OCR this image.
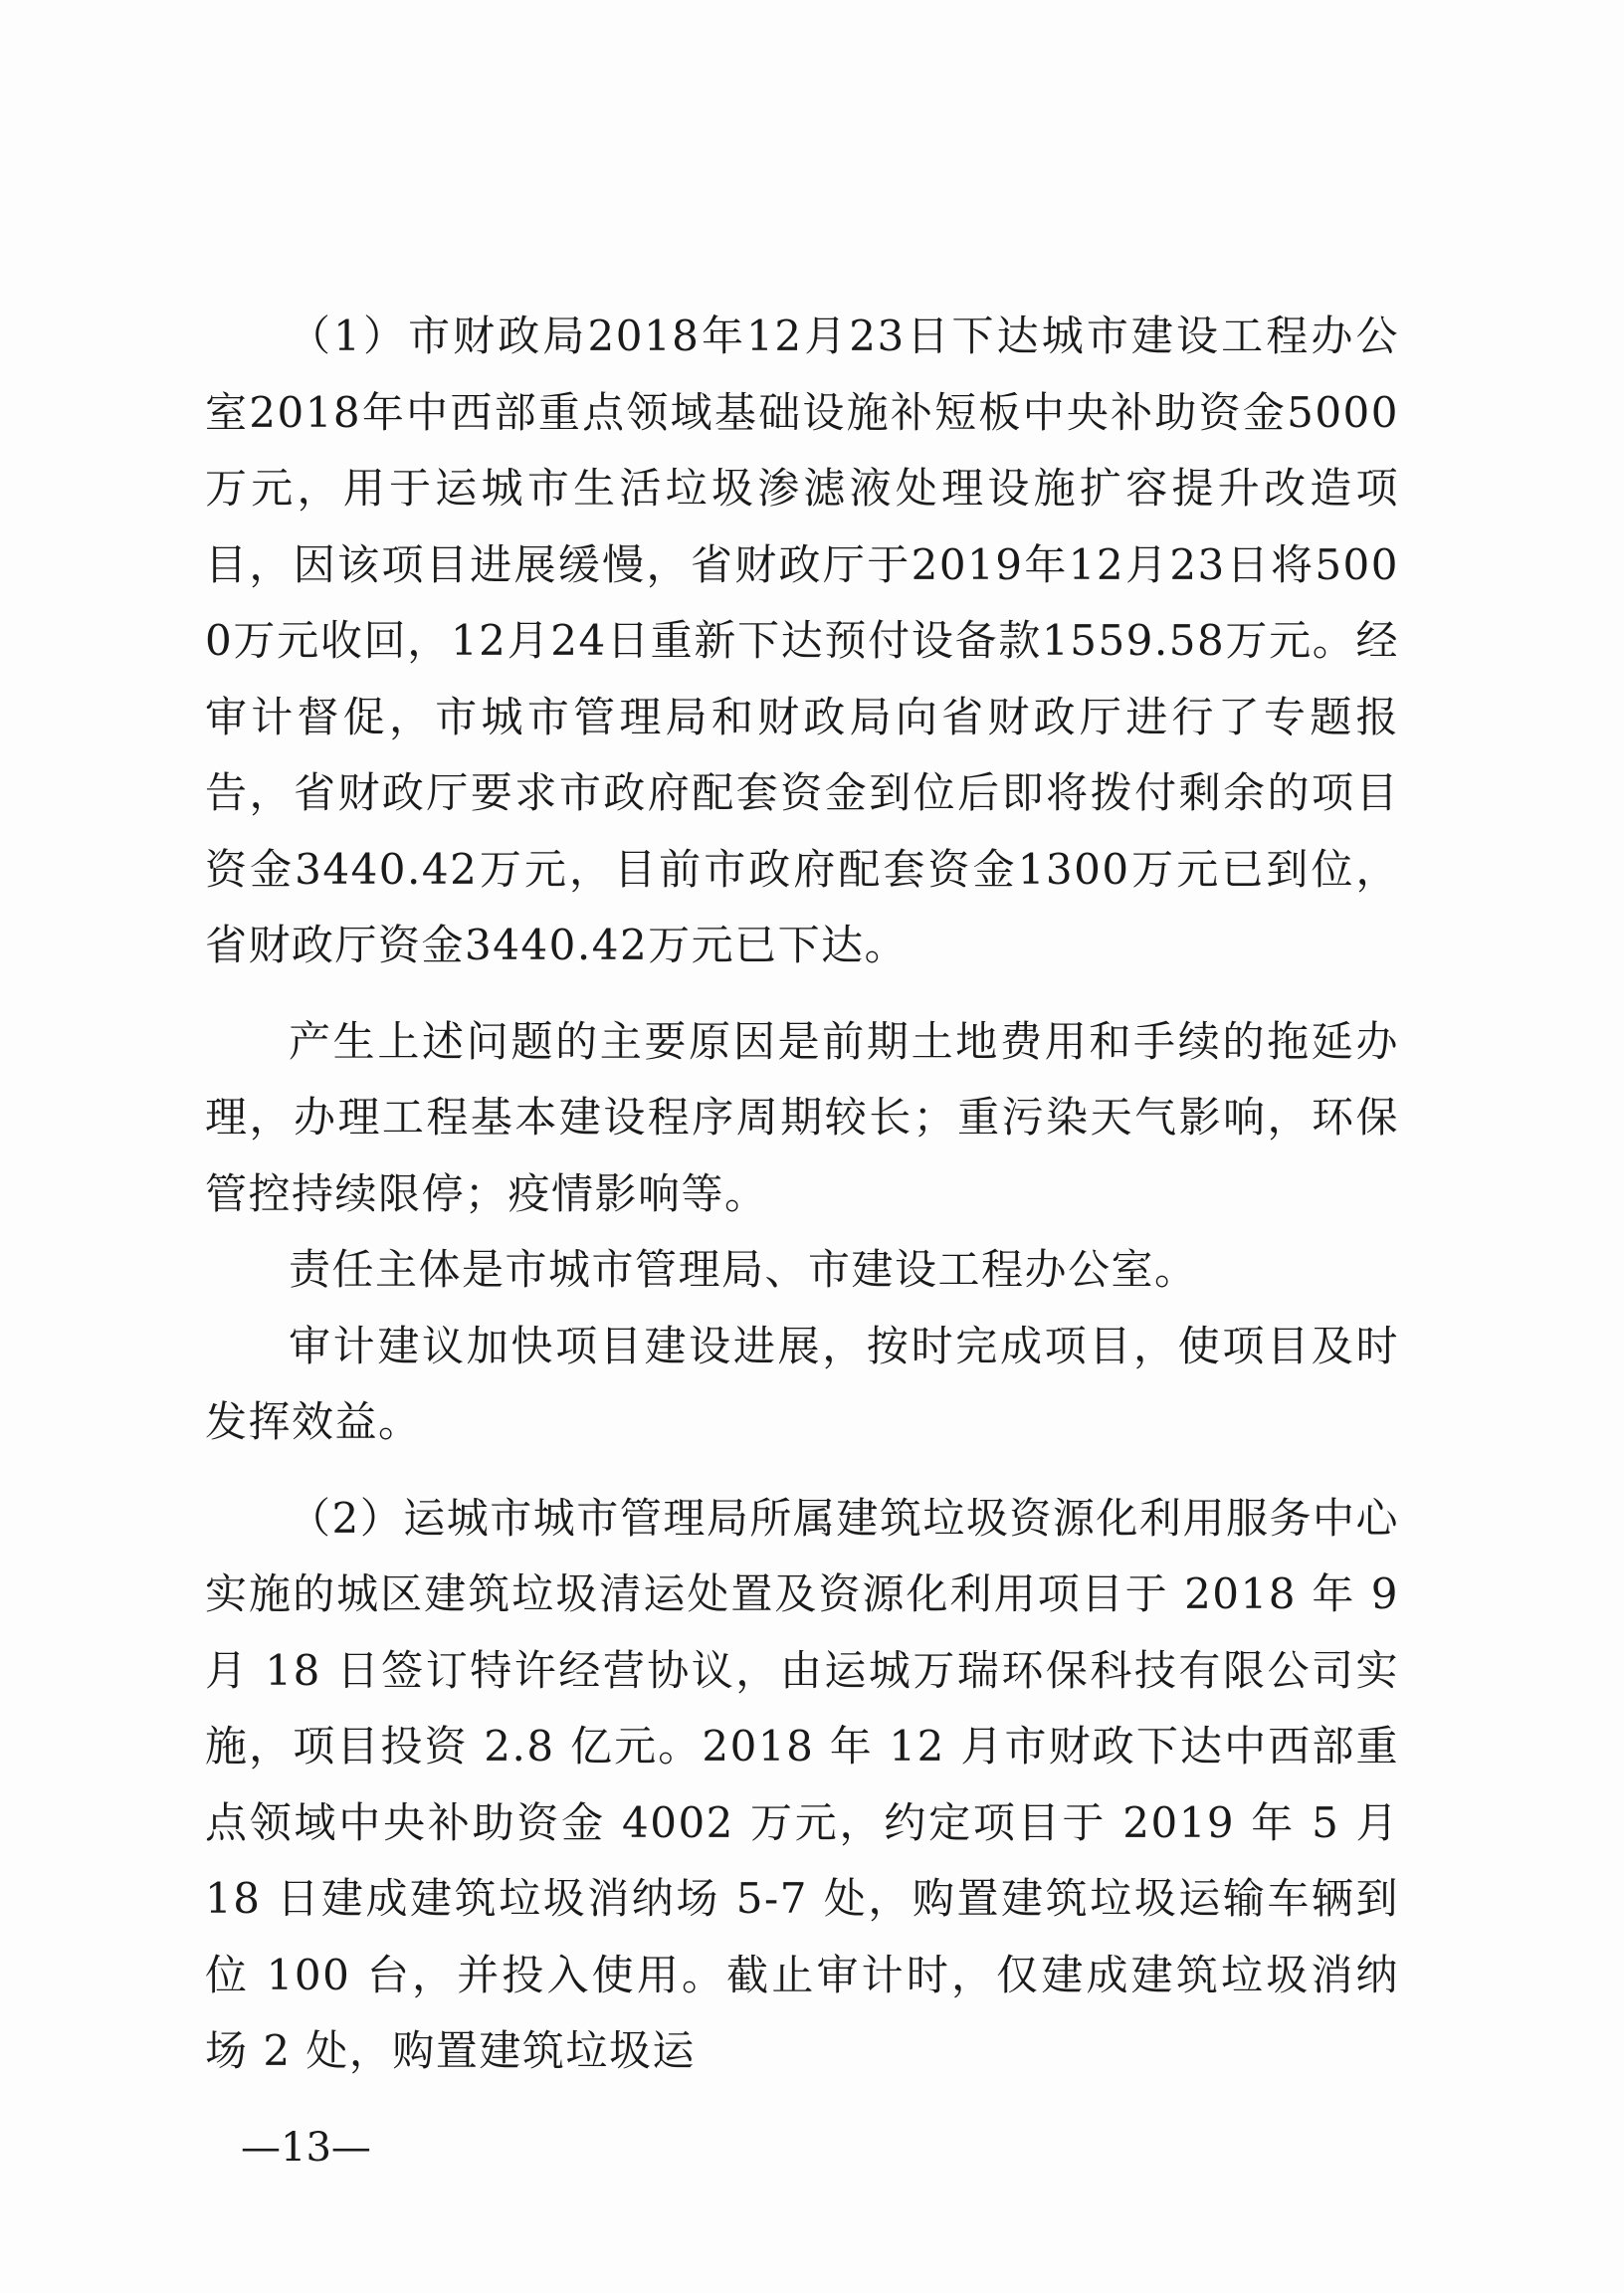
（1）市财政局2018年12月23日下达城市建设工程办公室2018年中西部重点领域基础设施补短板中央补助资金5000万元，用于运城市生活垃圾渗滤液处理设施扩容提升改造项目，因该项目进展缓慢，省财政厅于2019年12月23日将5000万元收回，12月24日重新下达预付设备款1559.58万元。经审计督促，市城市管理局和财政局向省财政厅进行了专题报告，省财政厅要求市政府配套资金到位后即将拨付剩余的项目资金3440.42万元，目前市政府配套资金1300万元已到位，省财政厅资金3440.42万元已下达。

产生上述问题的主要原因是前期土地费用和手续的拖延办理，办理工程基本建设程序周期较长；重污染天气影响，环保管控持续限停；疫情影响等。

责任主体是市城市管理局、市建设工程办公室。

审计建议加快项目建设进展，按时完成项目，使项目及时发挥效益。

（2）运城市城市管理局所属建筑垃圾资源化利用服务中心实施的城区建筑垃圾清运处置及资源化利用项目于 2018 年 9 月 18 日签订特许经营协议，由运城万瑞环保科技有限公司实施，项目投资 2.8 亿元。2018 年 12 月市财政下达中西部重点领域中央补助资金 4002 万元，约定项目于 2019 年 5 月 18 日建成建筑垃圾消纳场 5-7 处，购置建筑垃圾运输车辆到位 100 台，并投入使用。截止审计时，仅建成建筑垃圾消纳场 2 处，购置建筑垃圾运

—13—
